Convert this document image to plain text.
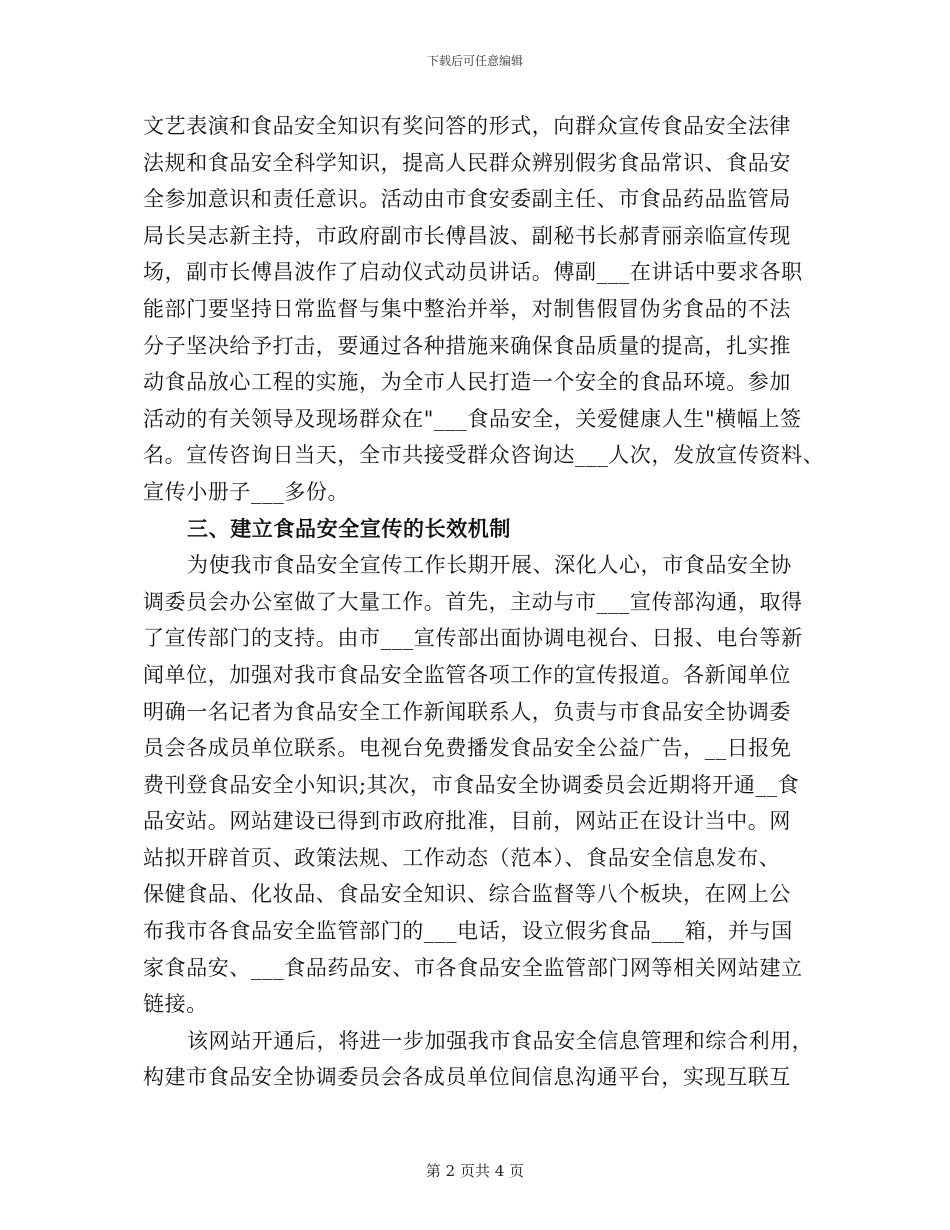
下载后可任意编辑
文艺表演和食品安全知识有奖问答的形式，向群众宣传食品安全法律
法规和食品安全科学知识，提高人民群众辨别假劣食品常识、食品安
全参加意识和责任意识。活动由市食安委副主任、市食品药品监管局
局长吴志新主持，市政府副市长傅昌波、副秘书长郝青丽亲临宣传现
场，副市长傅昌波作了启动仪式动员讲话。傅副___在讲话中要求各职
能部门要坚持日常监督与集中整治并举，对制售假冒伪劣食品的不法
分子坚决给予打击，要通过各种措施来确保食品质量的提高，扎实推
动食品放心工程的实施，为全市人民打造一个安全的食品环境。参加
活动的有关领导及现场群众在"___食品安全，关爱健康人生"横幅上签
名。宣传咨询日当天，全市共接受群众咨询达___人次，发放宣传资料、
宣传小册子___多份。
三、建立食品安全宣传的长效机制
为使我市食品安全宣传工作长期开展、深化人心，市食品安全协
调委员会办公室做了大量工作。首先，主动与市___宣传部沟通，取得
了宣传部门的支持。由市___宣传部出面协调电视台、日报、电台等新
闻单位，加强对我市食品安全监管各项工作的宣传报道。各新闻单位
明确一名记者为食品安全工作新闻联系人，负责与市食品安全协调委
员会各成员单位联系。电视台免费播发食品安全公益广告，__日报免
费刊登食品安全小知识;其次，市食品安全协调委员会近期将开通__食
品安站。网站建设已得到市政府批准，目前，网站正在设计当中。网
站拟开辟首页、政策法规、工作动态（范本）、食品安全信息发布、
保健食品、化妆品、食品安全知识、综合监督等八个板块，在网上公
布我市各食品安全监管部门的___电话，设立假劣食品___箱，并与国
家食品安、___食品药品安、市各食品安全监管部门网等相关网站建立
链接。
该网站开通后，将进一步加强我市食品安全信息管理和综合利用，
构建市食品安全协调委员会各成员单位间信息沟通平台，实现互联互
第 2 页共 4 页
